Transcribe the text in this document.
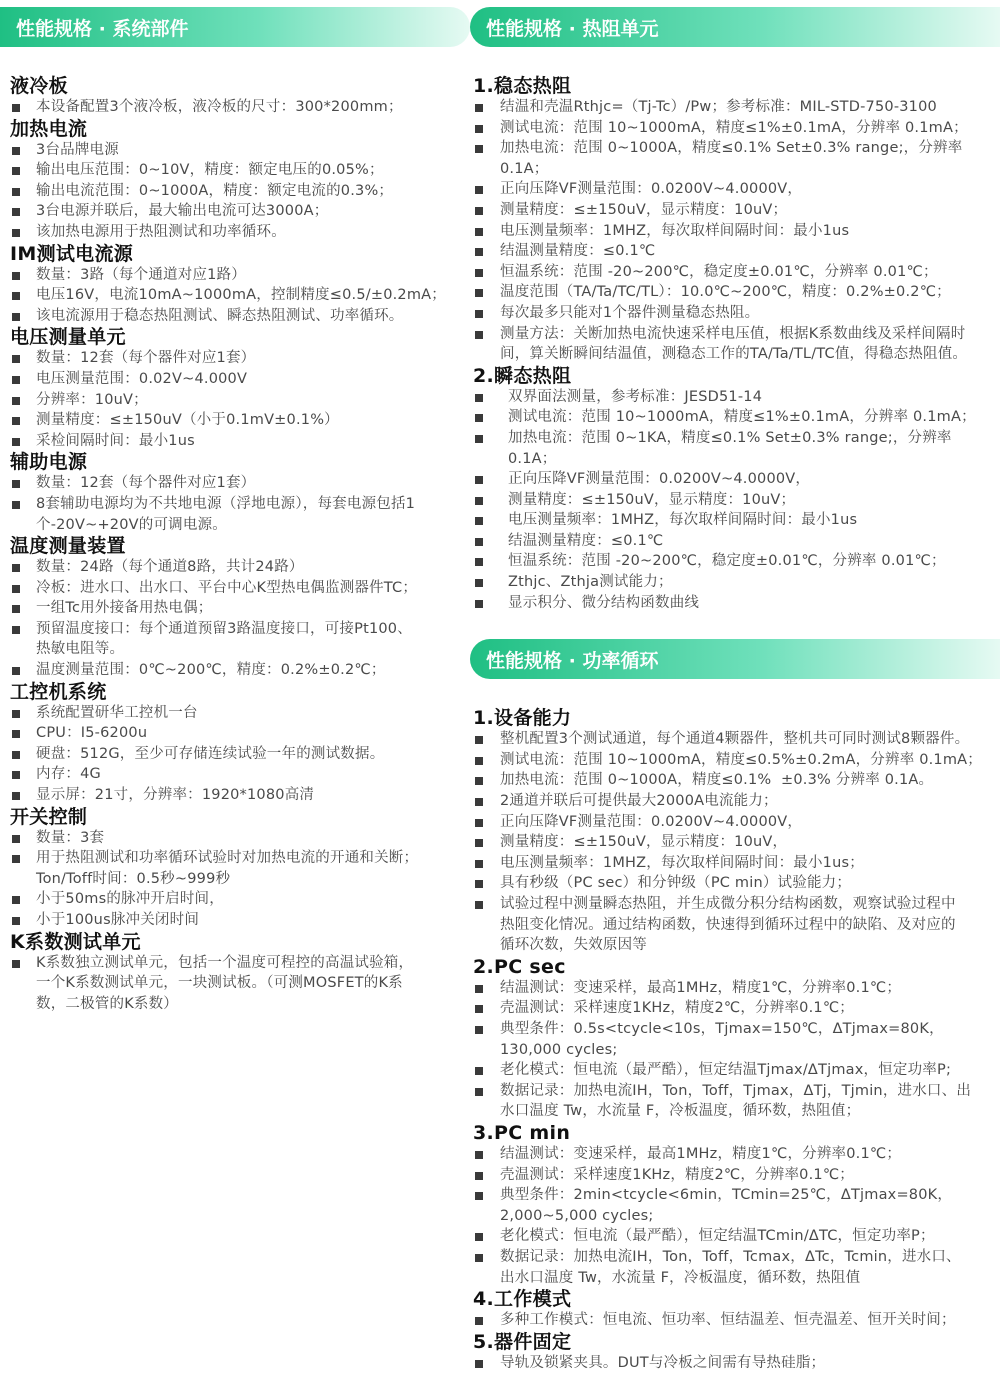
性能规格 · 系统部件
液冷板
本设备配置3个液冷板，液冷板的尺寸：300*200mm；
加热电流
3台品牌电源
输出电压范围：0~10V，精度：额定电压的0.05%；
输出电流范围：0~1000A，精度：额定电流的0.3%；
3台电源并联后，最大输出电流可达3000A；
该加热电源用于热阻测试和功率循环。
IM测试电流源
数量：3路（每个通道对应1路）
电压16V，电流10mA~1000mA，控制精度≤0.5/±0.2mA；
该电流源用于稳态热阻测试、瞬态热阻测试、功率循环。
电压测量单元
数量：12套（每个器件对应1套）
电压测量范围：0.02V~4.000V
分辨率：10uV；
测量精度：≤±150uV（小于0.1mV±0.1%）
采检间隔时间：最小1us
辅助电源
数量：12套（每个器件对应1套）
8套辅助电源均为不共地电源（浮地电源），每套电源包括1
个-20V~+20V的可调电源。
温度测量装置
数量：24路（每个通道8路，共计24路）
冷板：进水口、出水口、平台中心K型热电偶监测器件TC；
一组Tc用外接备用热电偶；
预留温度接口：每个通道预留3路温度接口，可接Pt100、
热敏电阻等。
温度测量范围：0℃~200℃，精度：0.2%±0.2℃；
工控机系统
系统配置研华工控机一台
CPU：I5-6200u
硬盘：512G，至少可存储连续试验一年的测试数据。
内存：4G
显示屏：21寸，分辨率：1920*1080高清
开关控制
数量：3套
用于热阻测试和功率循环试验时对加热电流的开通和关断；
Ton/Toff时间：0.5秒~999秒
小于50ms的脉冲开启时间，
小于100us脉冲关闭时间
K系数测试单元
K系数独立测试单元，包括一个温度可程控的高温试验箱，
一个K系数测试单元，一块测试板。（可测MOSFET的K系
数，二极管的K系数）
性能规格 · 热阻单元
1.稳态热阻
结温和壳温Rthjc=（Tj-Tc）/Pw；参考标准：MIL-STD-750-3100
测试电流：范围 10~1000mA，精度≤1%±0.1mA，分辨率 0.1mA；
加热电流：范围 0~1000A，精度≤0.1% Set±0.3% range;，分辨率
0.1A；
正向压降VF测量范围：0.0200V~4.0000V，
测量精度：≤±150uV，显示精度：10uV；
电压测量频率：1MHZ，每次取样间隔时间：最小1us
结温测量精度：≤0.1℃
恒温系统：范围 -20~200℃，稳定度±0.01℃，分辨率 0.01℃；
温度范围（TA/Ta/TC/TL）：10.0℃~200℃，精度：0.2%±0.2℃；
每次最多只能对1个器件测量稳态热阻。
测量方法：关断加热电流快速采样电压值，根据K系数曲线及采样间隔时
间，算关断瞬间结温值，测稳态工作的TA/Ta/TL/TC值，得稳态热阻值。
2.瞬态热阻
双界面法测量，参考标准：JESD51-14
测试电流：范围 10~1000mA，精度≤1%±0.1mA，分辨率 0.1mA；
加热电流：范围 0~1KA，精度≤0.1% Set±0.3% range;，分辨率 0.1A；
正向压降VF测量范围：0.0200V~4.0000V，
测量精度：≤±150uV，显示精度：10uV；
电压测量频率：1MHZ，每次取样间隔时间：最小1us
结温测量精度：≤0.1℃
恒温系统：范围 -20~200℃，稳定度±0.01℃，分辨率 0.01℃；
Zthjc、Zthja测试能力；
显示积分、微分结构函数曲线
性能规格 · 功率循环
1.设备能力
整机配置3个测试通道，每个通道4颗器件，整机共可同时测试8颗器件。
测试电流：范围 10~1000mA，精度≤0.5%±0.2mA，分辨率 0.1mA；
加热电流：范围 0~1000A，精度≤0.1%  ±0.3% 分辨率 0.1A。
2通道并联后可提供最大2000A电流能力；
正向压降VF测量范围：0.0200V~4.0000V，
测量精度：≤±150uV，显示精度：10uV，
电压测量频率：1MHZ，每次取样间隔时间：最小1us；
具有秒级（PC sec）和分钟级（PC min）试验能力；
试验过程中测量瞬态热阻，并生成微分积分结构函数，观察试验过程中
热阻变化情况。通过结构函数，快速得到循环过程中的缺陷、及对应的
循环次数，失效原因等
2.PC sec
结温测试：变速采样，最高1MHz，精度1℃，分辨率0.1℃；
壳温测试：采样速度1KHz，精度2℃，分辨率0.1℃；
典型条件：0.5s<tcycle<10s，Tjmax=150℃，ΔTjmax=80K，
130,000 cycles;
老化模式：恒电流（最严酷），恒定结温Tjmax/ΔTjmax，恒定功率P;
数据记录：加热电流IH，Ton，Toff，Tjmax，ΔTj，Tjmin，进水口、出
水口温度 Tw，水流量 F，冷板温度，循环数，热阻值；
3.PC min
结温测试：变速采样，最高1MHz，精度1℃，分辨率0.1℃；
壳温测试：采样速度1KHz，精度2℃，分辨率0.1℃；
典型条件：2min<tcycle<6min，TCmin=25℃，ΔTjmax=80K，
2,000~5,000 cycles;
老化模式：恒电流（最严酷），恒定结温TCmin/ΔTC，恒定功率P；
数据记录：加热电流IH，Ton，Toff，Tcmax，ΔTc，Tcmin，进水口、
出水口温度 Tw，水流量 F，冷板温度，循环数，热阻值
4.工作模式
多种工作模式：恒电流、恒功率、恒结温差、恒壳温差、恒开关时间；
5.器件固定
导轨及锁紧夹具。DUT与冷板之间需有导热硅脂；
